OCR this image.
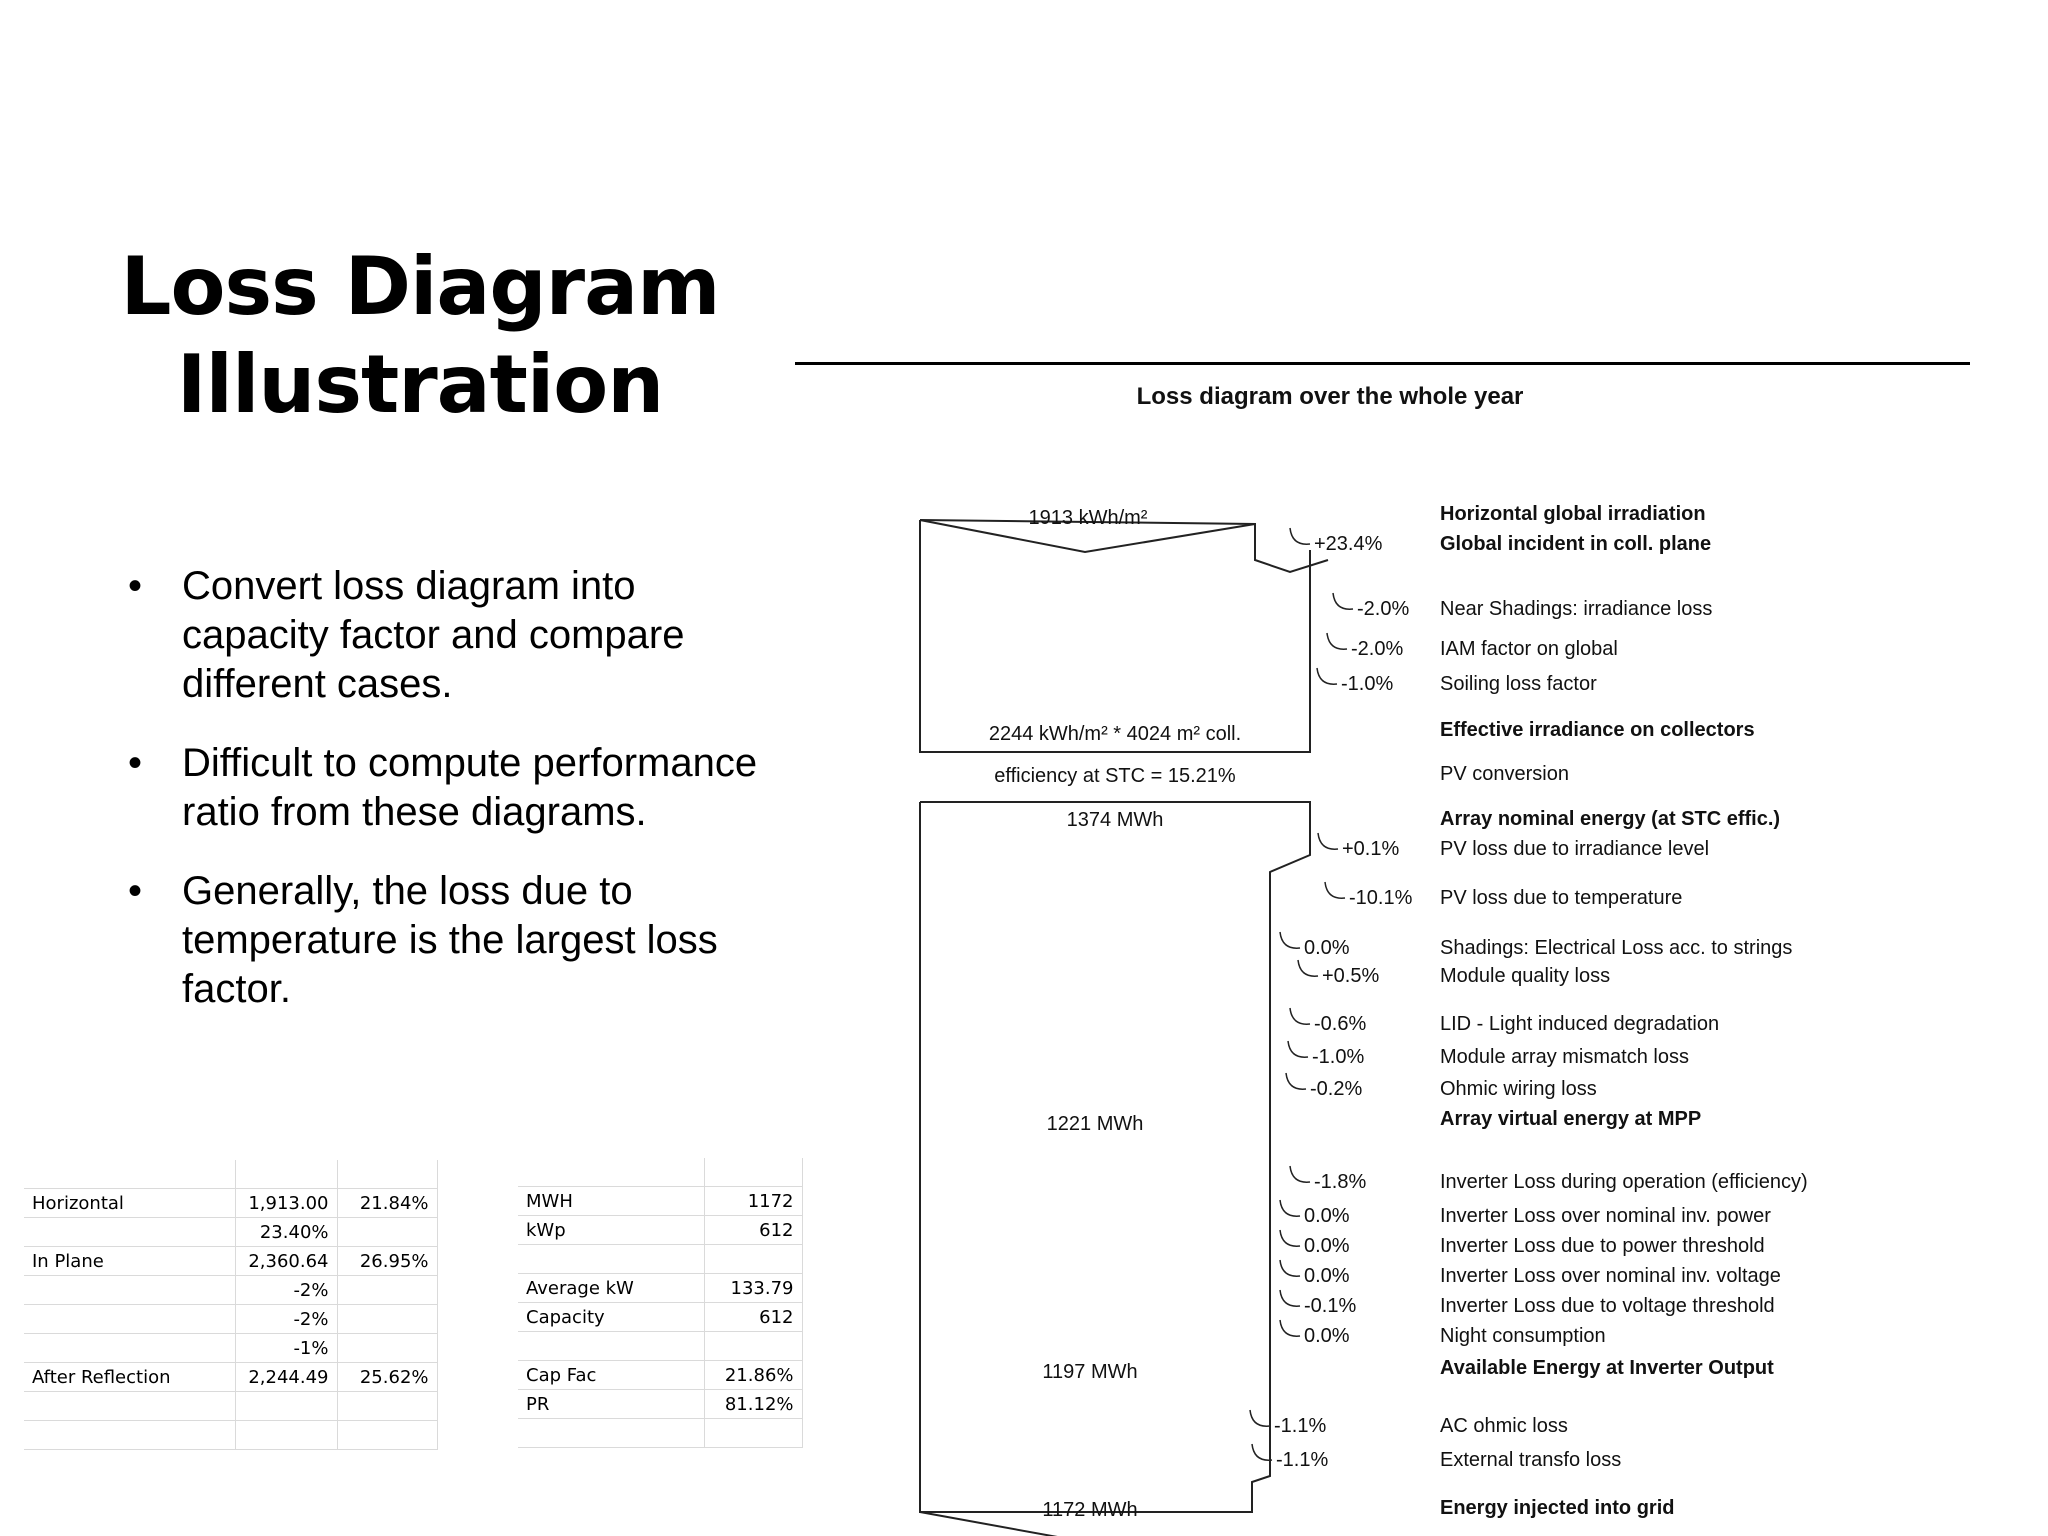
Loss Diagram
Illustration
• Convert loss diagram into capacity factor and compare different cases.
• Difficult to compute performance ratio from these diagrams.
• Generally, the loss due to temperature is the largest loss factor.

Horizontal	1,913.00	21.84%
	23.40%	
In Plane	2,360.64	26.95%
	-2%	
	-2%	
	-1%	
After Reflection	2,244.49	25.62%

MWH	1172
kWp	612

Average kW	133.79
Capacity	612

Cap Fac	21.86%
PR	81.12%

Loss diagram over the whole year
1913 kWh/m²
2244 kWh/m² * 4024 m² coll.
efficiency at STC = 15.21%
1374 MWh
1221 MWh
1197 MWh
1172 MWh
Horizontal global irradiation
Global incident in coll. plane
+23.4%
Near Shadings: irradiance loss
-2.0%
IAM factor on global
-2.0%
Soiling loss factor
-1.0%
Effective irradiance on collectors
PV conversion
Array nominal energy (at STC effic.)
PV loss due to irradiance level
+0.1%
PV loss due to temperature
-10.1%
Shadings: Electrical Loss acc. to strings
0.0%
Module quality loss
+0.5%
LID - Light induced degradation
-0.6%
Module array mismatch loss
-1.0%
Ohmic wiring loss
-0.2%
Array virtual energy at MPP
Inverter Loss during operation (efficiency)
-1.8%
Inverter Loss over nominal inv. power
0.0%
Inverter Loss due to power threshold
0.0%
Inverter Loss over nominal inv. voltage
0.0%
Inverter Loss due to voltage threshold
-0.1%
Night consumption
0.0%
Available Energy at Inverter Output
AC ohmic loss
-1.1%
External transfo loss
-1.1%
Energy injected into grid
